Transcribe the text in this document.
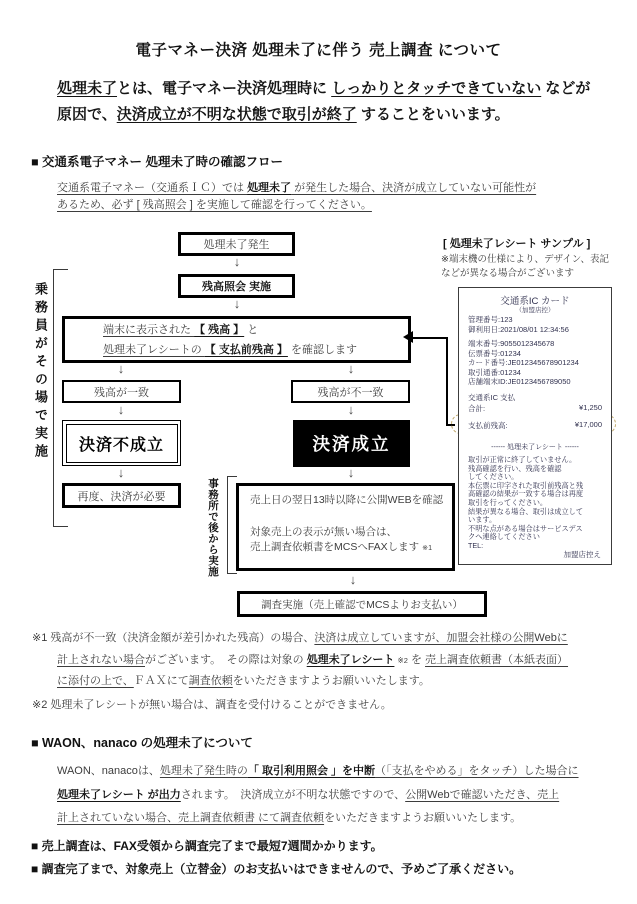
電子マネー決済 処理未了に伴う 売上調査 について
処理未了とは、電子マネー決済処理時に しっかりとタッチできていない などが
原因で、決済成立が不明な状態で取引が終了 することをいいます。
■ 交通系電子マネー 処理未了時の確認フロー
交通系電子マネー（交通系ＩＣ）では 処理未了 が発生した場合、決済が成立していない可能性が
あるため、必ず [ 残高照会 ] を実施して確認を行ってください。
処理未了発生
↓
残高照会 実施
↓
端末に表示された 【 残高 】 と
処理未了レシートの 【 支払前残高 】 を確認します
↓	↓
残高が一致	残高が不一致
↓	↓
決済不成立	決済成立
↓	↓
再度、決済が必要	売上日の翌日13時以降に公開WEBを確認
対象売上の表示が無い場合は、
売上調査依頼書をMCSへFAXします ※1
↓
調査実施（売上確認でMCSよりお支払い）
乗務員がその場で実施
事務所で後から実施
[ 処理未了レシート サンプル ]
※端末機の仕様により、デザイン、表記
などが異なる場合がございます
交通系IC カード
（加盟店控）
管理番号:123
御利用日:2021/08/01 12:34:56
端末番号:9055012345678
伝票番号:01234
カード番号:JE012345678901234
取引通番:01234
店舗端末ID:JE0123456789050
交通系IC 支払
合計:	¥1,250
支払前残高:	¥17,000
------ 処理未了レシート ------
取引が正常に終了していません。
残高確認を行い、残高を確認
してください。
本伝票に印字された取引前残高と残
高確認の結果が一致する場合は再度
取引を行ってください。
結果が異なる場合、取引は成立して
います。
不明な点がある場合はサービスデス
クへ連絡してください
TEL:
加盟店控え
※1 残高が不一致（決済金額が差引かれた残高）の場合、決済は成立していますが、加盟会社様の公開Webに
計上されない場合がございます。　その際は対象の 処理未了レシート ※2 を 売上調査依頼書（本紙表面）
に添付の上で、ＦＡＸにて調査依頼をいただきますようお願いいたします。
※2 処理未了レシートが無い場合は、調査を受付けることができません。
■ WAON、nanaco の処理未了について
WAON、nanacoは、処理未了発生時の「 取引利用照会 」を中断（「支払をやめる」をタッチ）した場合に
処理未了レシート が出力されます。　決済成立が不明な状態ですので、公開Webで確認いただき、売上
計上されていない場合、売上調査依頼書 にて調査依頼をいただきますようお願いいたします。
■ 売上調査は、FAX受領から調査完了まで最短7週間かかります。
■ 調査完了まで、対象売上（立替金）のお支払いはできませんので、予めご了承ください。
